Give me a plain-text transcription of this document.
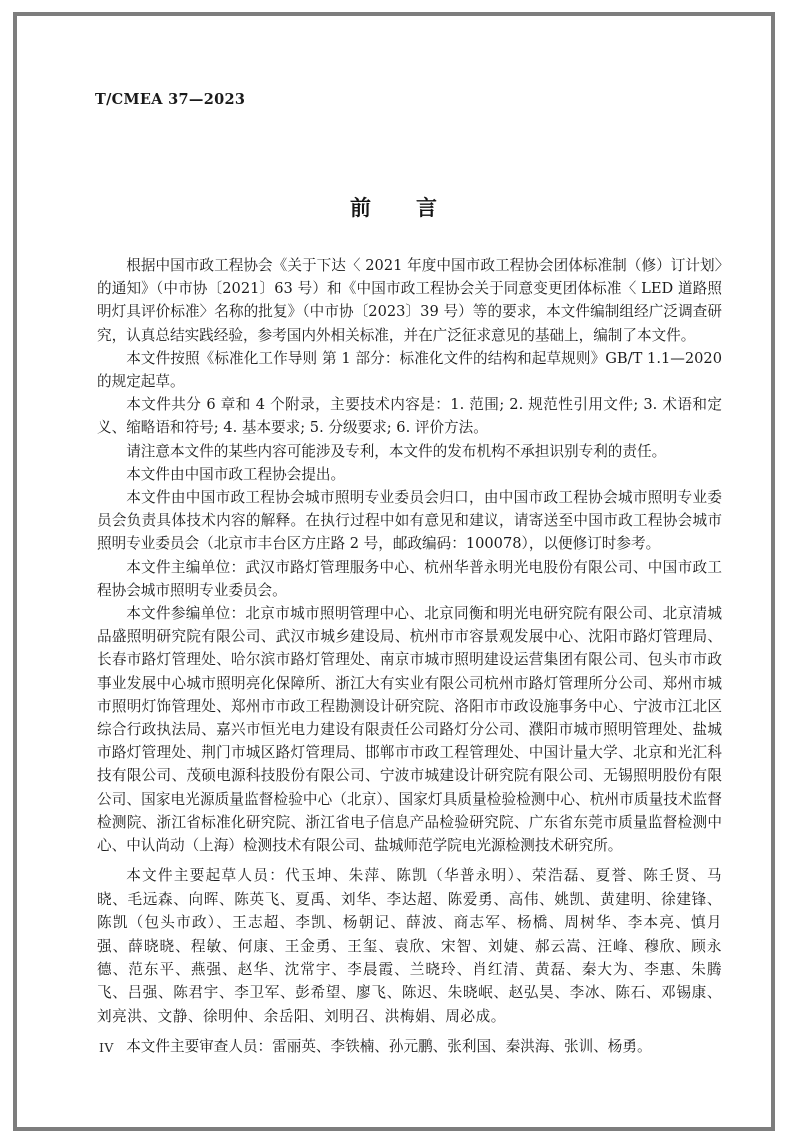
T/CMEA 37—2023
前　　言

根据中国市政工程协会《关于下达〈 2021 年度中国市政工程协会团体标准制（修）订计划〉的通知》（中市协〔2021〕63 号）和《中国市政工程协会关于同意变更团体标准〈 LED 道路照明灯具评价标准〉名称的批复》（中市协〔2023〕39 号）等的要求，本文件编制组经广泛调查研究，认真总结实践经验，参考国内外相关标准，并在广泛征求意见的基础上，编制了本文件。

本文件按照《标准化工作导则 第 1 部分：标准化文件的结构和起草规则》GB/T 1.1—2020 的规定起草。

本文件共分 6 章和 4 个附录，主要技术内容是：1. 范围; 2. 规范性引用文件; 3. 术语和定义、缩略语和符号; 4. 基本要求; 5. 分级要求; 6. 评价方法。

请注意本文件的某些内容可能涉及专利，本文件的发布机构不承担识别专利的责任。

本文件由中国市政工程协会提出。

本文件由中国市政工程协会城市照明专业委员会归口，由中国市政工程协会城市照明专业委员会负责具体技术内容的解释。在执行过程中如有意见和建议，请寄送至中国市政工程协会城市照明专业委员会（北京市丰台区方庄路 2 号，邮政编码：100078），以便修订时参考。

本文件主编单位：武汉市路灯管理服务中心、杭州华普永明光电股份有限公司、中国市政工程协会城市照明专业委员会。

本文件参编单位：北京市城市照明管理中心、北京同衡和明光电研究院有限公司、北京清城品盛照明研究院有限公司、武汉市城乡建设局、杭州市市容景观发展中心、沈阳市路灯管理局、长春市路灯管理处、哈尔滨市路灯管理处、南京市城市照明建设运营集团有限公司、包头市市政事业发展中心城市照明亮化保障所、浙江大有实业有限公司杭州市路灯管理所分公司、郑州市城市照明灯饰管理处、郑州市市政工程勘测设计研究院、洛阳市市政设施事务中心、宁波市江北区综合行政执法局、嘉兴市恒光电力建设有限责任公司路灯分公司、濮阳市城市照明管理处、盐城市路灯管理处、荆门市城区路灯管理局、邯郸市市政工程管理处、中国计量大学、北京和光汇科技有限公司、茂硕电源科技股份有限公司、宁波市城建设计研究院有限公司、无锡照明股份有限公司、国家电光源质量监督检验中心（北京）、国家灯具质量检验检测中心、杭州市质量技术监督检测院、浙江省标准化研究院、浙江省电子信息产品检验研究院、广东省东莞市质量监督检测中心、中认尚动（上海）检测技术有限公司、盐城师范学院电光源检测技术研究所。

本文件主要起草人员：代玉坤、朱萍、陈凯（华普永明）、荣浩磊、夏誉、陈壬贤、马晓、毛远森、向晖、陈英飞、夏禹、刘华、李达超、陈爱勇、高伟、姚凯、黄建明、徐建锋、陈凯（包头市政）、王志超、李凯、杨朝记、薛波、商志军、杨橋、周树华、李本亮、慎月强、薛晓晓、程敏、何康、王金勇、王玺、袁欣、宋智、刘婕、郝云嵩、汪峰、穆欣、顾永德、范东平、燕强、赵华、沈常宇、李晨霞、兰晓玲、肖红清、黄磊、秦大为、李惠、朱腾飞、吕强、陈君宇、李卫军、彭希望、廖飞、陈迟、朱晓岷、赵弘昊、李冰、陈石、邓锡康、刘亮洪、文静、徐明仲、余岳阳、刘明召、洪梅娟、周必成。

本文件主要审查人员：雷丽英、李铁楠、孙元鹏、张利国、秦洪海、张训、杨勇。

IV
